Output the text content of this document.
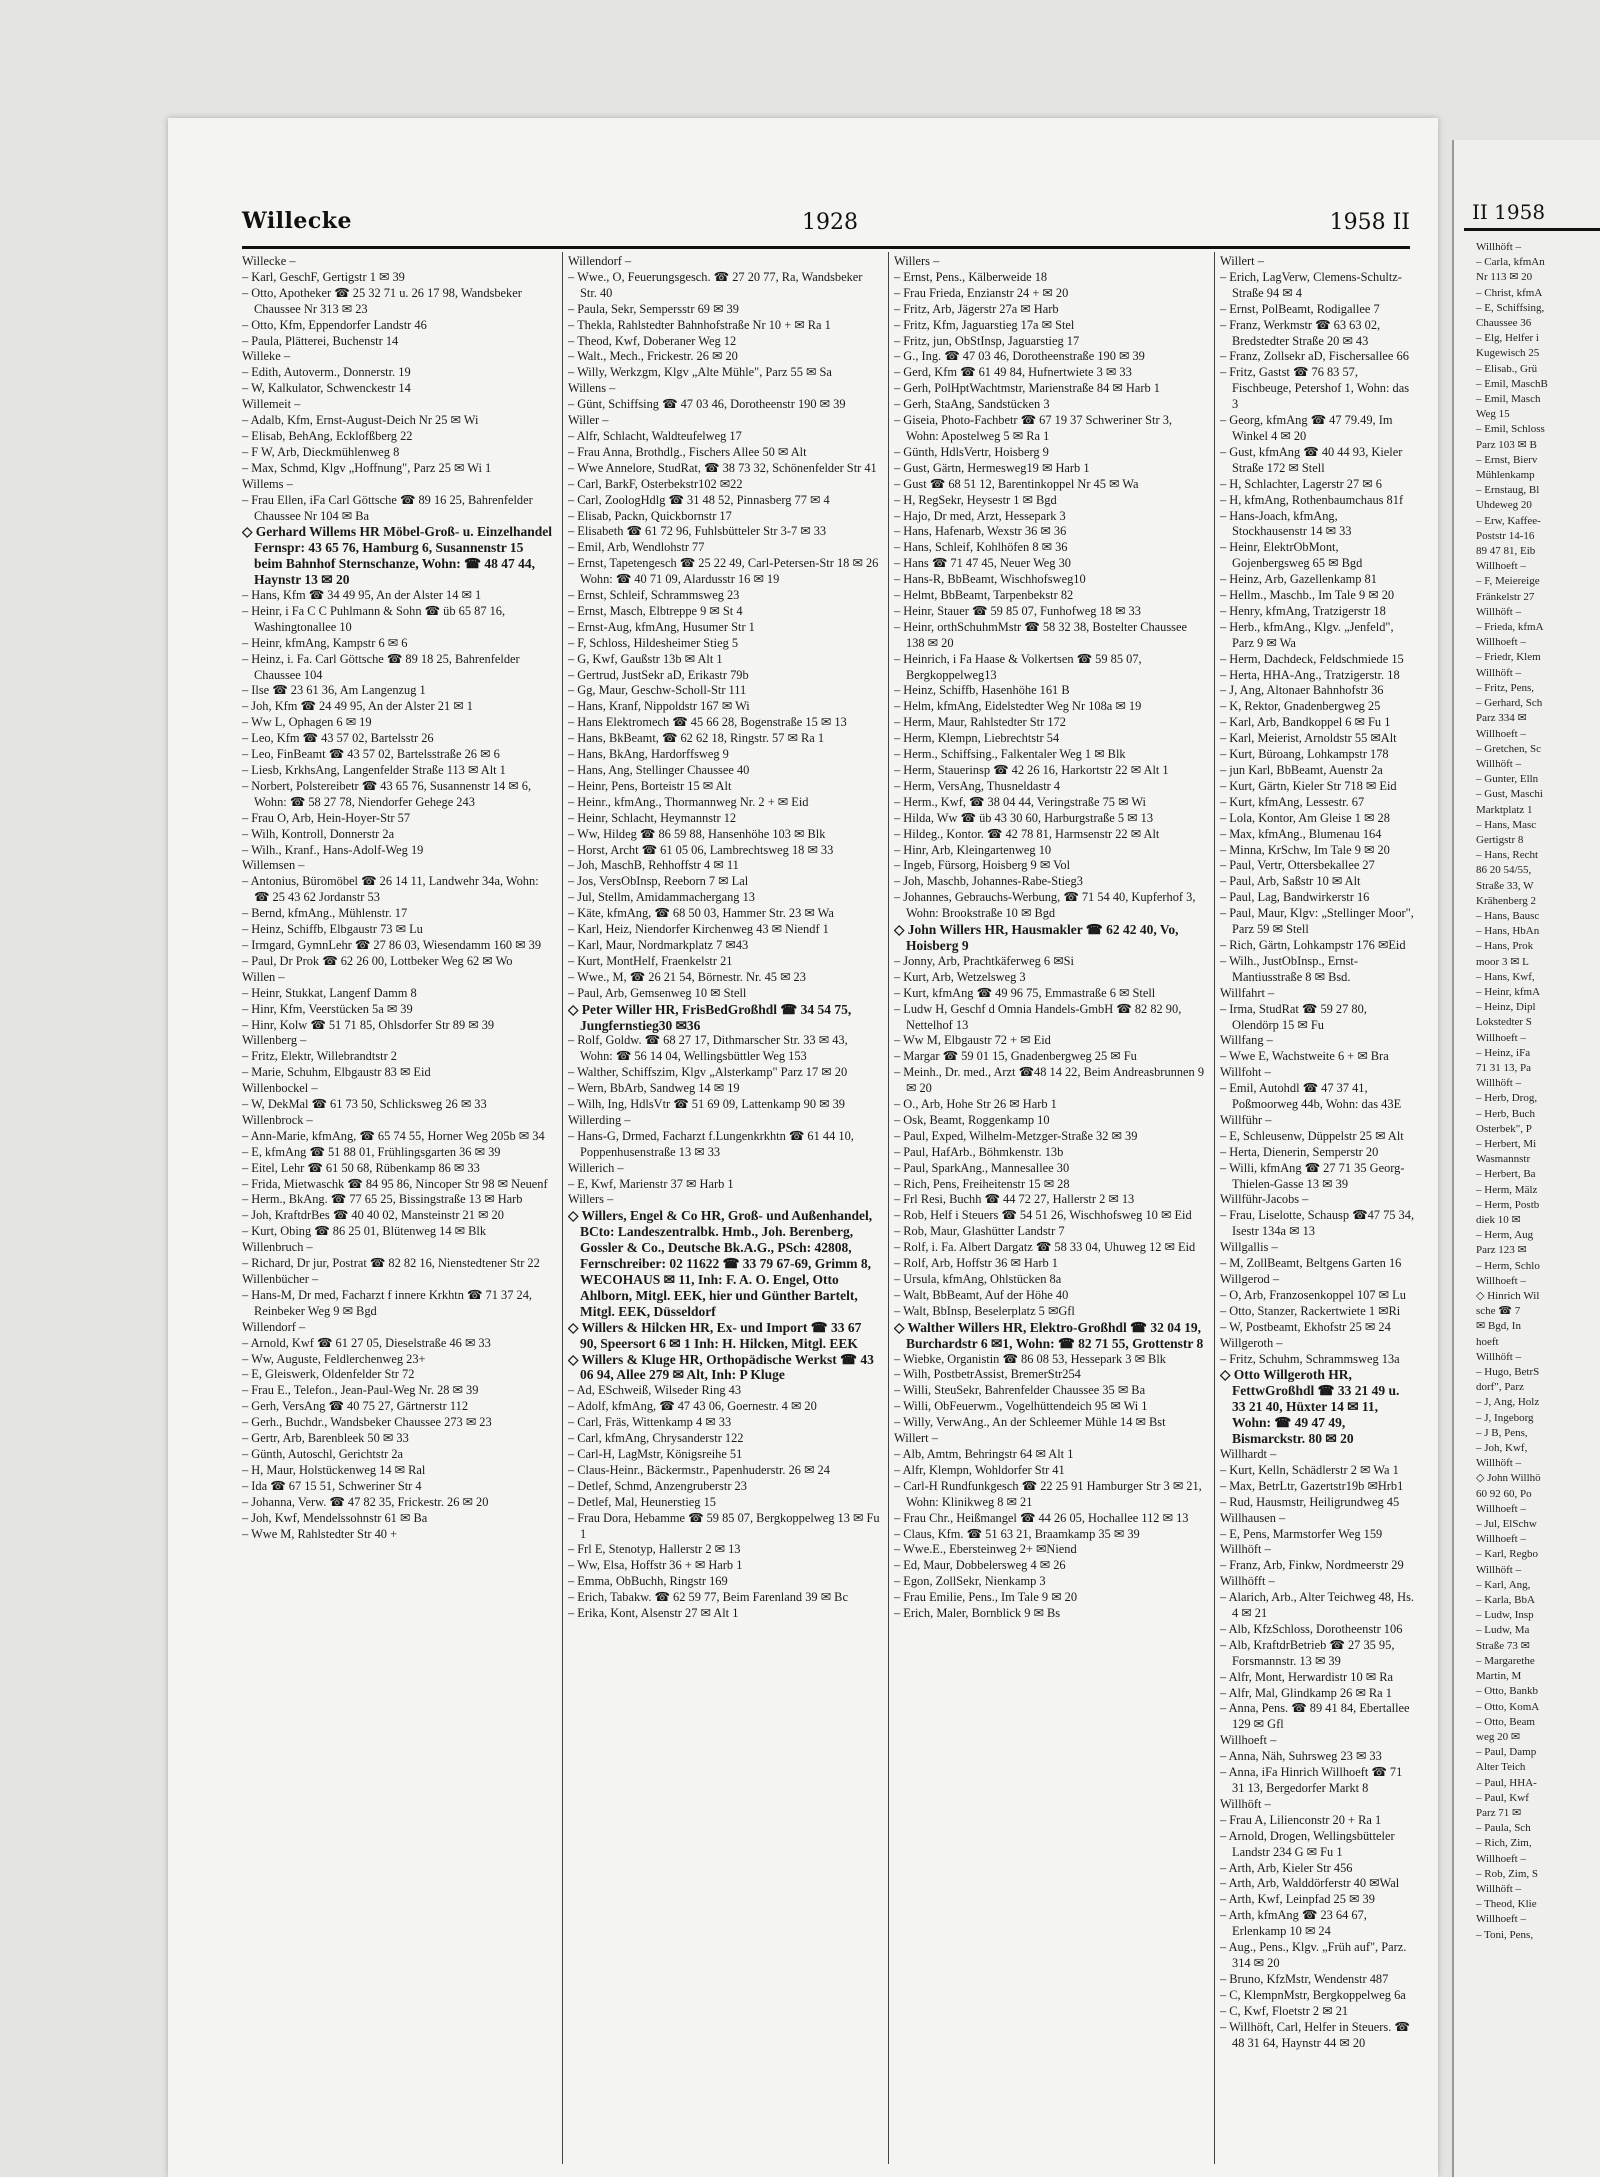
II 1958
Willhöft –
– Carla, kfmAn
Nr 113 ✉ 20
– Christ, kfmA
– E, Schiffsing,
Chaussee 36
– Elg, Helfer i
Kugewisch 25
– Elisab., Grü
– Emil, MaschB
– Emil, Masch
Weg 15
– Emil, Schloss
Parz 103 ✉ B
– Ernst, Bierv
Mühlenkamp
– Ernstaug, Bl
Uhdeweg 20
– Erw, Kaffee-
Poststr 14-16
89 47 81, Eib
Willhoeft –
– F, Meiereige
Fränkelstr 27
Willhöft –
– Frieda, kfmA
Willhoeft –
– Friedr, Klem
Willhöft –
– Fritz, Pens,
– Gerhard, Sch
Parz 334 ✉
Willhoeft –
– Gretchen, Sc
Willhöft –
– Gunter, Elln
– Gust, Maschi
Marktplatz 1
– Hans, Masc
Gertigstr 8
– Hans, Recht
86 20 54/55,
Straße 33, W
Krähenberg 2
– Hans, Bausc
– Hans, HbAn
– Hans, Prok
moor 3 ✉ L
– Hans, Kwf,
– Heinr, kfmA
– Heinz, Dipl
Lokstedter S
Willhoeft –
– Heinz, iFa
71 31 13, Pa
Willhöft –
– Herb, Drog,
– Herb, Buch
Osterbek", P
– Herbert, Mi
Wasmannstr
– Herbert, Ba
– Herm, Mälz
– Herm, Postb
diek 10 ✉
– Herm, Aug
Parz 123 ✉
– Herm, Schlo
Willhoeft –
◇ Hinrich Wil
sche ☎ 7
✉ Bgd, In
hoeft
Willhöft –
– Hugo, BetrS
dorf", Parz
– J, Ang, Holz
– J, Ingeborg
– J B, Pens,
– Joh, Kwf,
Willhöft –
◇ John Willhö
60 92 60, Po
Willhoeft –
– Jul, ElSchw
Willhoeft –
– Karl, Regbo
Willhöft –
– Karl, Ang,
– Karla, BbA
– Ludw, Insp
– Ludw, Ma
Straße 73 ✉
– Margarethe
Martin, M
– Otto, Bankb
– Otto, KomA
– Otto, Beam
weg 20 ✉
– Paul, Damp
Alter Teich
– Paul, HHA-
– Paul, Kwf
Parz 71 ✉
– Paula, Sch
– Rich, Zim,
Willhoeft –
– Rob, Zim, S
Willhöft –
– Theod, Klie
Willhoeft –
– Toni, Pens,
Willecke	1928	1958 II

Willecke –

– Karl, GeschF, Gertigstr 1 ✉ 39

– Otto, Apotheker ☎ 25 32 71 u. 26 17 98, Wandsbeker Chaussee Nr 313 ✉ 23

– Otto, Kfm, Eppendorfer Landstr 46

– Paula, Plätterei, Buchenstr 14

Willeke –

– Edith, Autoverm., Donnerstr. 19

– W, Kalkulator, Schwenckestr 14

Willemeit –

– Adalb, Kfm, Ernst-August-Deich Nr 25 ✉ Wi

– Elisab, BehAng, Ecklofßberg 22

– F W, Arb, Dieckmühlenweg 8

– Max, Schmd, Klgv „Hoffnung", Parz 25 ✉ Wi 1

Willems –

– Frau Ellen, iFa Carl Göttsche ☎ 89 16 25, Bahrenfelder Chaussee Nr 104 ✉ Ba

◇ Gerhard Willems HR Möbel-Groß- u. Einzelhandel Fernspr: 43 65 76, Hamburg 6, Susannenstr 15 beim Bahnhof Sternschanze, Wohn: ☎ 48 47 44, Haynstr 13 ✉ 20

– Hans, Kfm ☎ 34 49 95, An der Alster 14 ✉ 1

– Heinr, i Fa C C Puhlmann & Sohn ☎ üb 65 87 16, Washingtonallee 10

– Heinr, kfmAng, Kampstr 6 ✉ 6

– Heinz, i. Fa. Carl Göttsche ☎ 89 18 25, Bahrenfelder Chaussee 104

– Ilse ☎ 23 61 36, Am Langenzug 1

– Joh, Kfm ☎ 24 49 95, An der Alster 21 ✉ 1

– Ww L, Ophagen 6 ✉ 19

– Leo, Kfm ☎ 43 57 02, Bartelsstr 26

– Leo, FinBeamt ☎ 43 57 02, Bartelsstraße 26 ✉ 6

– Liesb, KrkhsAng, Langenfelder Straße 113 ✉ Alt 1

– Norbert, Polstereibetr ☎ 43 65 76, Susannenstr 14 ✉ 6, Wohn: ☎ 58 27 78, Niendorfer Gehege 243

– Frau O, Arb, Hein-Hoyer-Str 57

– Wilh, Kontroll, Donnerstr 2a

– Wilh., Kranf., Hans-Adolf-Weg 19

Willemsen –

– Antonius, Büromöbel ☎ 26 14 11, Landwehr 34a, Wohn: ☎ 25 43 62 Jordanstr 53

– Bernd, kfmAng., Mühlenstr. 17

– Heinz, Schiffb, Elbgaustr 73 ✉ Lu

– Irmgard, GymnLehr ☎ 27 86 03, Wiesendamm 160 ✉ 39

– Paul, Dr Prok ☎ 62 26 00, Lottbeker Weg 62 ✉ Wo

Willen –

– Heinr, Stukkat, Langenf Damm 8

– Hinr, Kfm, Veerstücken 5a ✉ 39

– Hinr, Kolw ☎ 51 71 85, Ohlsdorfer Str 89 ✉ 39

Willenberg –

– Fritz, Elektr, Willebrandtstr 2

– Marie, Schuhm, Elbgaustr 83 ✉ Eid

Willenbockel –

– W, DekMal ☎ 61 73 50, Schlicksweg 26 ✉ 33

Willenbrock –

– Ann-Marie, kfmAng, ☎ 65 74 55, Horner Weg 205b ✉ 34

– E, kfmAng ☎ 51 88 01, Frühlingsgarten 36 ✉ 39

– Eitel, Lehr ☎ 61 50 68, Rübenkamp 86 ✉ 33

– Frida, Mietwaschk ☎ 84 95 86, Nincoper Str 98 ✉ Neuenf

– Herm., BkAng. ☎ 77 65 25, Bissingstraße 13 ✉ Harb

– Joh, KraftdrBes ☎ 40 40 02, Mansteinstr 21 ✉ 20

– Kurt, Obing ☎ 86 25 01, Blütenweg 14 ✉ Blk

Willenbruch –

– Richard, Dr jur, Postrat ☎ 82 82 16, Nienstedtener Str 22

Willenbücher –

– Hans-M, Dr med, Facharzt f innere Krkhtn ☎ 71 37 24, Reinbeker Weg 9 ✉ Bgd

Willendorf –

– Arnold, Kwf ☎ 61 27 05, Dieselstraße 46 ✉ 33

– Ww, Auguste, Feldlerchenweg 23+

– E, Gleiswerk, Oldenfelder Str 72

– Frau E., Telefon., Jean-Paul-Weg Nr. 28 ✉ 39

– Gerh, VersAng ☎ 40 75 27, Gärtnerstr 112

– Gerh., Buchdr., Wandsbeker Chaussee 273 ✉ 23

– Gertr, Arb, Barenbleek 50 ✉ 33

– Günth, Autoschl, Gerichtstr 2a

– H, Maur, Holstückenweg 14 ✉ Ral

– Ida ☎ 67 15 51, Schweriner Str 4

– Johanna, Verw. ☎ 47 82 35, Frickestr. 26 ✉ 20

– Joh, Kwf, Mendelssohnstr 61 ✉ Ba

– Wwe M, Rahlstedter Str 40 +

Willendorf –

– Wwe., O, Feuerungsgesch. ☎ 27 20 77, Ra, Wandsbeker Str. 40

– Paula, Sekr, Sempersstr 69 ✉ 39

– Thekla, Rahlstedter Bahnhofstraße Nr 10 + ✉ Ra 1

– Theod, Kwf, Doberaner Weg 12

– Walt., Mech., Frickestr. 26 ✉ 20

– Willy, Werkzgm, Klgv „Alte Mühle", Parz 55 ✉ Sa

Willens –

– Günt, Schiffsing ☎ 47 03 46, Dorotheenstr 190 ✉ 39

Willer –

– Alfr, Schlacht, Waldteufelweg 17

– Frau Anna, Brothdlg., Fischers Allee 50 ✉ Alt

– Wwe Annelore, StudRat, ☎ 38 73 32, Schönenfelder Str 41

– Carl, BarkF, Osterbekstr102 ✉22

– Carl, ZoologHdlg ☎ 31 48 52, Pinnasberg 77 ✉ 4

– Elisab, Packn, Quickbornstr 17

– Elisabeth ☎ 61 72 96, Fuhlsbütteler Str 3-7 ✉ 33

– Emil, Arb, Wendlohstr 77

– Ernst, Tapetengesch ☎ 25 22 49, Carl-Petersen-Str 18 ✉ 26 Wohn: ☎ 40 71 09, Alardusstr 16 ✉ 19

– Ernst, Schleif, Schrammsweg 23

– Ernst, Masch, Elbtreppe 9 ✉ St 4

– Ernst-Aug, kfmAng, Husumer Str 1

– F, Schloss, Hildesheimer Stieg 5

– G, Kwf, Gaußstr 13b ✉ Alt 1

– Gertrud, JustSekr aD, Erikastr 79b

– Gg, Maur, Geschw-Scholl-Str 111

– Hans, Kranf, Nippoldstr 167 ✉ Wi

– Hans Elektromech ☎ 45 66 28, Bogenstraße 15 ✉ 13

– Hans, BkBeamt, ☎ 62 62 18, Ringstr. 57 ✉ Ra 1

– Hans, BkAng, Hardorffsweg 9

– Hans, Ang, Stellinger Chaussee 40

– Heinr, Pens, Borteistr 15 ✉ Alt

– Heinr., kfmAng., Thormannweg Nr. 2 + ✉ Eid

– Heinr, Schlacht, Heymannstr 12

– Ww, Hildeg ☎ 86 59 88, Hansenhöhe 103 ✉ Blk

– Horst, Archt ☎ 61 05 06, Lambrechtsweg 18 ✉ 33

– Joh, MaschB, Rehhoffstr 4 ✉ 11

– Jos, VersObInsp, Reeborn 7 ✉ Lal

– Jul, Stellm, Amidammachergang 13

– Käte, kfmAng, ☎ 68 50 03, Hammer Str. 23 ✉ Wa

– Karl, Heiz, Niendorfer Kirchenweg 43 ✉ Niendf 1

– Karl, Maur, Nordmarkplatz 7 ✉43

– Kurt, MontHelf, Fraenkelstr 21

– Wwe., M, ☎ 26 21 54, Börnestr. Nr. 45 ✉ 23

– Paul, Arb, Gemsenweg 10 ✉ Stell

◇ Peter Willer HR, FrisBedGroßhdl ☎ 34 54 75, Jungfernstieg30 ✉36

– Rolf, Goldw. ☎ 68 27 17, Dithmarscher Str. 33 ✉ 43, Wohn: ☎ 56 14 04, Wellingsbüttler Weg 153

– Walther, Schiffszim, Klgv „Alsterkamp" Parz 17 ✉ 20

– Wern, BbArb, Sandweg 14 ✉ 19

– Wilh, Ing, HdlsVtr ☎ 51 69 09, Lattenkamp 90 ✉ 39

Willerding –

– Hans-G, Drmed, Facharzt f.Lungenkrkhtn ☎ 61 44 10, Poppenhusenstraße 13 ✉ 33

Willerich –

– E, Kwf, Marienstr 37 ✉ Harb 1

Willers –

◇ Willers, Engel & Co HR, Groß- und Außenhandel, BCto: Landeszentralbk. Hmb., Joh. Berenberg, Gossler & Co., Deutsche Bk.A.G., PSch: 42808, Fernschreiber: 02 11622 ☎ 33 79 67-69, Grimm 8, WECOHAUS ✉ 11, Inh: F. A. O. Engel, Otto Ahlborn, Mitgl. EEK, hier und Günther Bartelt, Mitgl. EEK, Düsseldorf

◇ Willers & Hilcken HR, Ex- und Import ☎ 33 67 90, Speersort 6 ✉ 1 Inh: H. Hilcken, Mitgl. EEK

◇ Willers & Kluge HR, Orthopädische Werkst ☎ 43 06 94, Allee 279 ✉ Alt, Inh: P Kluge

– Ad, ESchweiß, Wilseder Ring 43

– Adolf, kfmAng, ☎ 47 43 06, Goernestr. 4 ✉ 20

– Carl, Fräs, Wittenkamp 4 ✉ 33

– Carl, kfmAng, Chrysanderstr 122

– Carl-H, LagMstr, Königsreihe 51

– Claus-Heinr., Bäckermstr., Papenhuderstr. 26 ✉ 24

– Detlef, Schmd, Anzengruberstr 23

– Detlef, Mal, Heunerstieg 15

– Frau Dora, Hebamme ☎ 59 85 07, Bergkoppelweg 13 ✉ Fu 1

– Frl E, Stenotyp, Hallerstr 2 ✉ 13

– Ww, Elsa, Hoffstr 36 + ✉ Harb 1

– Emma, ObBuchh, Ringstr 169

– Erich, Tabakw. ☎ 62 59 77, Beim Farenland 39 ✉ Bc

– Erika, Kont, Alsenstr 27 ✉ Alt 1

Willers –

– Ernst, Pens., Kälberweide 18

– Frau Frieda, Enzianstr 24 + ✉ 20

– Fritz, Arb, Jägerstr 27a ✉ Harb

– Fritz, Kfm, Jaguarstieg 17a ✉ Stel

– Fritz, jun, ObStInsp, Jaguarstieg 17

– G., Ing. ☎ 47 03 46, Dorotheenstraße 190 ✉ 39

– Gerd, Kfm ☎ 61 49 84, Hufnertwiete 3 ✉ 33

– Gerh, PolHptWachtmstr, Marienstraße 84 ✉ Harb 1

– Gerh, StaAng, Sandstücken 3

– Giseia, Photo-Fachbetr ☎ 67 19 37 Schweriner Str 3, Wohn: Apostelweg 5 ✉ Ra 1

– Günth, HdlsVertr, Hoisberg 9

– Gust, Gärtn, Hermesweg19 ✉ Harb 1

– Gust ☎ 68 51 12, Barentinkoppel Nr 45 ✉ Wa

– H, RegSekr, Heysestr 1 ✉ Bgd

– Hajo, Dr med, Arzt, Hessepark 3

– Hans, Hafenarb, Wexstr 36 ✉ 36

– Hans, Schleif, Kohlhöfen 8 ✉ 36

– Hans ☎ 71 47 45, Neuer Weg 30

– Hans-R, BbBeamt, Wischhofsweg10

– Helmt, BbBeamt, Tarpenbekstr 82

– Heinr, Stauer ☎ 59 85 07, Funhofweg 18 ✉ 33

– Heinr, orthSchuhmMstr ☎ 58 32 38, Bostelter Chaussee 138 ✉ 20

– Heinrich, i Fa Haase & Volkertsen ☎ 59 85 07, Bergkoppelweg13

– Heinz, Schiffb, Hasenhöhe 161 B

– Helm, kfmAng, Eidelstedter Weg Nr 108a ✉ 19

– Herm, Maur, Rahlstedter Str 172

– Herm, Klempn, Liebrechtstr 54

– Herm., Schiffsing., Falkentaler Weg 1 ✉ Blk

– Herm, Stauerinsp ☎ 42 26 16, Harkortstr 22 ✉ Alt 1

– Herm, VersAng, Thusneldastr 4

– Herm., Kwf, ☎ 38 04 44, Veringstraße 75 ✉ Wi

– Hilda, Ww ☎ üb 43 30 60, Harburgstraße 5 ✉ 13

– Hildeg., Kontor. ☎ 42 78 81, Harmsenstr 22 ✉ Alt

– Hinr, Arb, Kleingartenweg 10

– Ingeb, Fürsorg, Hoisberg 9 ✉ Vol

– Joh, Maschb, Johannes-Rabe-Stieg3

– Johannes, Gebrauchs-Werbung, ☎ 71 54 40, Kupferhof 3, Wohn: Brookstraße 10 ✉ Bgd

◇ John Willers HR, Hausmakler ☎ 62 42 40, Vo, Hoisberg 9

– Jonny, Arb, Prachtkäferweg 6 ✉Si

– Kurt, Arb, Wetzelsweg 3

– Kurt, kfmAng ☎ 49 96 75, Emmastraße 6 ✉ Stell

– Ludw H, Geschf d Omnia Handels-GmbH ☎ 82 82 90, Nettelhof 13

– Ww M, Elbgaustr 72 + ✉ Eid

– Margar ☎ 59 01 15, Gnadenbergweg 25 ✉ Fu

– Meinh., Dr. med., Arzt ☎48 14 22, Beim Andreasbrunnen 9 ✉ 20

– O., Arb, Hohe Str 26 ✉ Harb 1

– Osk, Beamt, Roggenkamp 10

– Paul, Exped, Wilhelm-Metzger-Straße 32 ✉ 39

– Paul, HafArb., Böhmkenstr. 13b

– Paul, SparkAng., Mannesallee 30

– Rich, Pens, Freiheitenstr 15 ✉ 28

– Frl Resi, Buchh ☎ 44 72 27, Hallerstr 2 ✉ 13

– Rob, Helf i Steuers ☎ 54 51 26, Wischhofsweg 10 ✉ Eid

– Rob, Maur, Glashütter Landstr 7

– Rolf, i. Fa. Albert Dargatz ☎ 58 33 04, Uhuweg 12 ✉ Eid

– Rolf, Arb, Hoffstr 36 ✉ Harb 1

– Ursula, kfmAng, Ohlstücken 8a

– Walt, BbBeamt, Auf der Höhe 40

– Walt, BbInsp, Beselerplatz 5 ✉Gfl

◇ Walther Willers HR, Elektro-Großhdl ☎ 32 04 19, Burchardstr 6 ✉1, Wohn: ☎ 82 71 55, Grottenstr 8

– Wiebke, Organistin ☎ 86 08 53, Hessepark 3 ✉ Blk

– Wilh, PostbetrAssist, BremerStr254

– Willi, SteuSekr, Bahrenfelder Chaussee 35 ✉ Ba

– Willi, ObFeuerwm., Vogelhüttendeich 95 ✉ Wi 1

– Willy, VerwAng., An der Schleemer Mühle 14 ✉ Bst

Willert –

– Alb, Amtm, Behringstr 64 ✉ Alt 1

– Alfr, Klempn, Wohldorfer Str 41

– Carl-H Rundfunkgesch ☎ 22 25 91 Hamburger Str 3 ✉ 21, Wohn: Klinikweg 8 ✉ 21

– Frau Chr., Heißmangel ☎ 44 26 05, Hochallee 112 ✉ 13

– Claus, Kfm. ☎ 51 63 21, Braamkamp 35 ✉ 39

– Wwe.E., Ebersteinweg 2+ ✉Niend

– Ed, Maur, Dobbelersweg 4 ✉ 26

– Egon, ZollSekr, Nienkamp 3

– Frau Emilie, Pens., Im Tale 9 ✉ 20

– Erich, Maler, Bornblick 9 ✉ Bs

Willert –

– Erich, LagVerw, Clemens-Schultz-Straße 94 ✉ 4

– Ernst, PolBeamt, Rodigallee 7

– Franz, Werkmstr ☎ 63 63 02, Bredstedter Straße 20 ✉ 43

– Franz, Zollsekr aD, Fischersallee 66

– Fritz, Gastst ☎ 76 83 57, Fischbeuge, Petershof 1, Wohn: das 3

– Georg, kfmAng ☎ 47 79.49, Im Winkel 4 ✉ 20

– Gust, kfmAng ☎ 40 44 93, Kieler Straße 172 ✉ Stell

– H, Schlachter, Lagerstr 27 ✉ 6

– H, kfmAng, Rothenbaumchaus 81f

– Hans-Joach, kfmAng, Stockhausenstr 14 ✉ 33

– Heinr, ElektrObMont, Gojenbergsweg 65 ✉ Bgd

– Heinz, Arb, Gazellenkamp 81

– Hellm., Maschb., Im Tale 9 ✉ 20

– Henry, kfmAng, Tratzigerstr 18

– Herb., kfmAng., Klgv. „Jenfeld", Parz 9 ✉ Wa

– Herm, Dachdeck, Feldschmiede 15

– Herta, HHA-Ang., Tratzigerstr. 18

– J, Ang, Altonaer Bahnhofstr 36

– K, Rektor, Gnadenbergweg 25

– Karl, Arb, Bandkoppel 6 ✉ Fu 1

– Karl, Meierist, Arnoldstr 55 ✉Alt

– Kurt, Büroang, Lohkampstr 178

– jun Karl, BbBeamt, Auenstr 2a

– Kurt, Gärtn, Kieler Str 718 ✉ Eid

– Kurt, kfmAng, Lessestr. 67

– Lola, Kontor, Am Gleise 1 ✉ 28

– Max, kfmAng., Blumenau 164

– Minna, KrSchw, Im Tale 9 ✉ 20

– Paul, Vertr, Ottersbekallee 27

– Paul, Arb, Saßstr 10 ✉ Alt

– Paul, Lag, Bandwirkerstr 16

– Paul, Maur, Klgv: „Stellinger Moor", Parz 59 ✉ Stell

– Rich, Gärtn, Lohkampstr 176 ✉Eid

– Wilh., JustObInsp., Ernst-Mantiusstraße 8 ✉ Bsd.

Willfahrt –

– Irma, StudRat ☎ 59 27 80, Olendörp 15 ✉ Fu

Willfang –

– Wwe E, Wachstweite 6 + ✉ Bra

Willfoht –

– Emil, Autohdl ☎ 47 37 41, Poßmoorweg 44b, Wohn: das 43E

Willführ –

– E, Schleusenw, Düppelstr 25 ✉ Alt

– Herta, Dienerin, Semperstr 20

– Willi, kfmAng ☎ 27 71 35 Georg-Thielen-Gasse 13 ✉ 39

Willführ-Jacobs –

– Frau, Liselotte, Schausp ☎47 75 34, Isestr 134a ✉ 13

Willgallis –

– M, ZollBeamt, Beltgens Garten 16

Willgerod –

– O, Arb, Franzosenkoppel 107 ✉ Lu

– Otto, Stanzer, Rackertwiete 1 ✉Ri

– W, Postbeamt, Ekhofstr 25 ✉ 24

Willgeroth –

– Fritz, Schuhm, Schrammsweg 13a

◇ Otto Willgeroth HR, FettwGroßhdl ☎ 33 21 49 u. 33 21 40, Hüxter 14 ✉ 11, Wohn: ☎ 49 47 49, Bismarckstr. 80 ✉ 20

Willhardt –

– Kurt, Kelln, Schädlerstr 2 ✉ Wa 1

– Max, BetrLtr, Gazertstr19b ✉Hrb1

– Rud, Hausmstr, Heiligrundweg 45

Willhausen –

– E, Pens, Marmstorfer Weg 159

Willhöft –

– Franz, Arb, Finkw, Nordmeerstr 29

Willhöfft –

– Alarich, Arb., Alter Teichweg 48, Hs. 4 ✉ 21

– Alb, KfzSchloss, Dorotheenstr 106

– Alb, KraftdrBetrieb ☎ 27 35 95, Forsmannstr. 13 ✉ 39

– Alfr, Mont, Herwardistr 10 ✉ Ra

– Alfr, Mal, Glindkamp 26 ✉ Ra 1

– Anna, Pens. ☎ 89 41 84, Ebertallee 129 ✉ Gfl

Willhoeft –

– Anna, Näh, Suhrsweg 23 ✉ 33

– Anna, iFa Hinrich Willhoeft ☎ 71 31 13, Bergedorfer Markt 8

Willhöft –

– Frau A, Lilienconstr 20 + Ra 1

– Arnold, Drogen, Wellingsbütteler Landstr 234 G ✉ Fu 1

– Arth, Arb, Kieler Str 456

– Arth, Arb, Walddörferstr 40 ✉Wal

– Arth, Kwf, Leinpfad 25 ✉ 39

– Arth, kfmAng ☎ 23 64 67, Erlenkamp 10 ✉ 24

– Aug., Pens., Klgv. „Früh auf", Parz. 314 ✉ 20

– Bruno, KfzMstr, Wendenstr 487

– C, KlempnMstr, Bergkoppelweg 6a

– C, Kwf, Floetstr 2 ✉ 21

– Willhöft, Carl, Helfer in Steuers. ☎ 48 31 64, Haynstr 44 ✉ 20
